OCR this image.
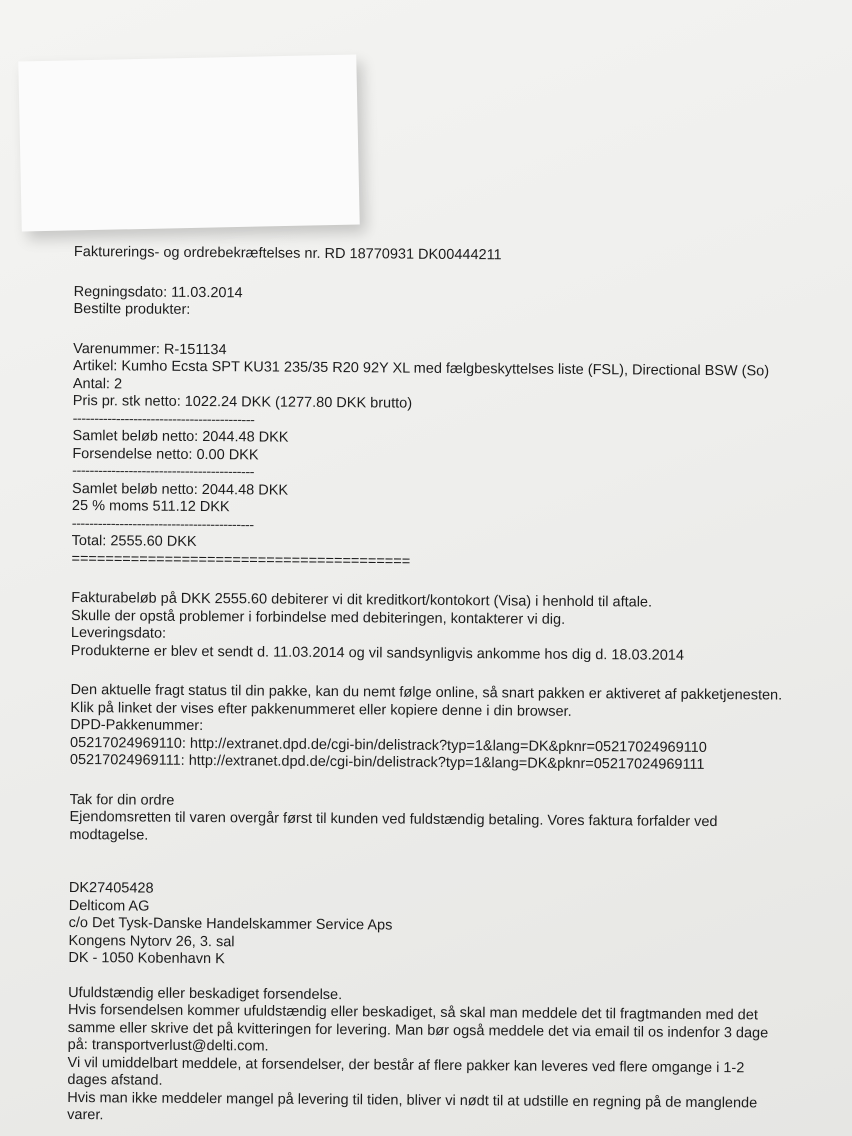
Fakturerings- og ordrebekræftelses nr. RD 18770931 DK00444211
Regningsdato: 11.03.2014
Bestilte produkter:
Varenummer: R-151134
Artikel: Kumho Ecsta SPT KU31 235/35 R20 92Y XL med fælgbeskyttelses liste (FSL), Directional BSW (So)
Antal: 2
Pris pr. stk netto: 1022.24 DKK (1277.80 DKK brutto)
------------------------------------------
Samlet beløb netto: 2044.48 DKK
Forsendelse netto: 0.00 DKK
------------------------------------------
Samlet beløb netto: 2044.48 DKK
25 % moms 511.12 DKK
------------------------------------------
Total: 2555.60 DKK
========================================
Fakturabeløb på DKK 2555.60 debiterer vi dit kreditkort/kontokort (Visa) i henhold til aftale.
Skulle der opstå problemer i forbindelse med debiteringen, kontakterer vi dig.
Leveringsdato:
Produkterne er blev et sendt d. 11.03.2014 og vil sandsynligvis ankomme hos dig d. 18.03.2014
Den aktuelle fragt status til din pakke, kan du nemt følge online, så snart pakken er aktiveret af pakketjenesten.
Klik på linket der vises efter pakkenummeret eller kopiere denne i din browser.
DPD-Pakkenummer:
05217024969110: http://extranet.dpd.de/cgi-bin/delistrack?typ=1&lang=DK&pknr=05217024969110
05217024969111: http://extranet.dpd.de/cgi-bin/delistrack?typ=1&lang=DK&pknr=05217024969111
Tak for din ordre
Ejendomsretten til varen overgår først til kunden ved fuldstændig betaling. Vores faktura forfalder ved
modtagelse.
DK27405428
Delticom AG
c/o Det Tysk-Danske Handelskammer Service Aps
Kongens Nytorv 26, 3. sal
DK - 1050 Kobenhavn K
Ufuldstændig eller beskadiget forsendelse.
Hvis forsendelsen kommer ufuldstændig eller beskadiget, så skal man meddele det til fragtmanden med det
samme eller skrive det på kvitteringen for levering. Man bør også meddele det via email til os indenfor 3 dage
på: transportverlust@delti.com.
Vi vil umiddelbart meddele, at forsendelser, der består af flere pakker kan leveres ved flere omgange i 1-2
dages afstand.
Hvis man ikke meddeler mangel på levering til tiden, bliver vi nødt til at udstille en regning på de manglende
varer.
